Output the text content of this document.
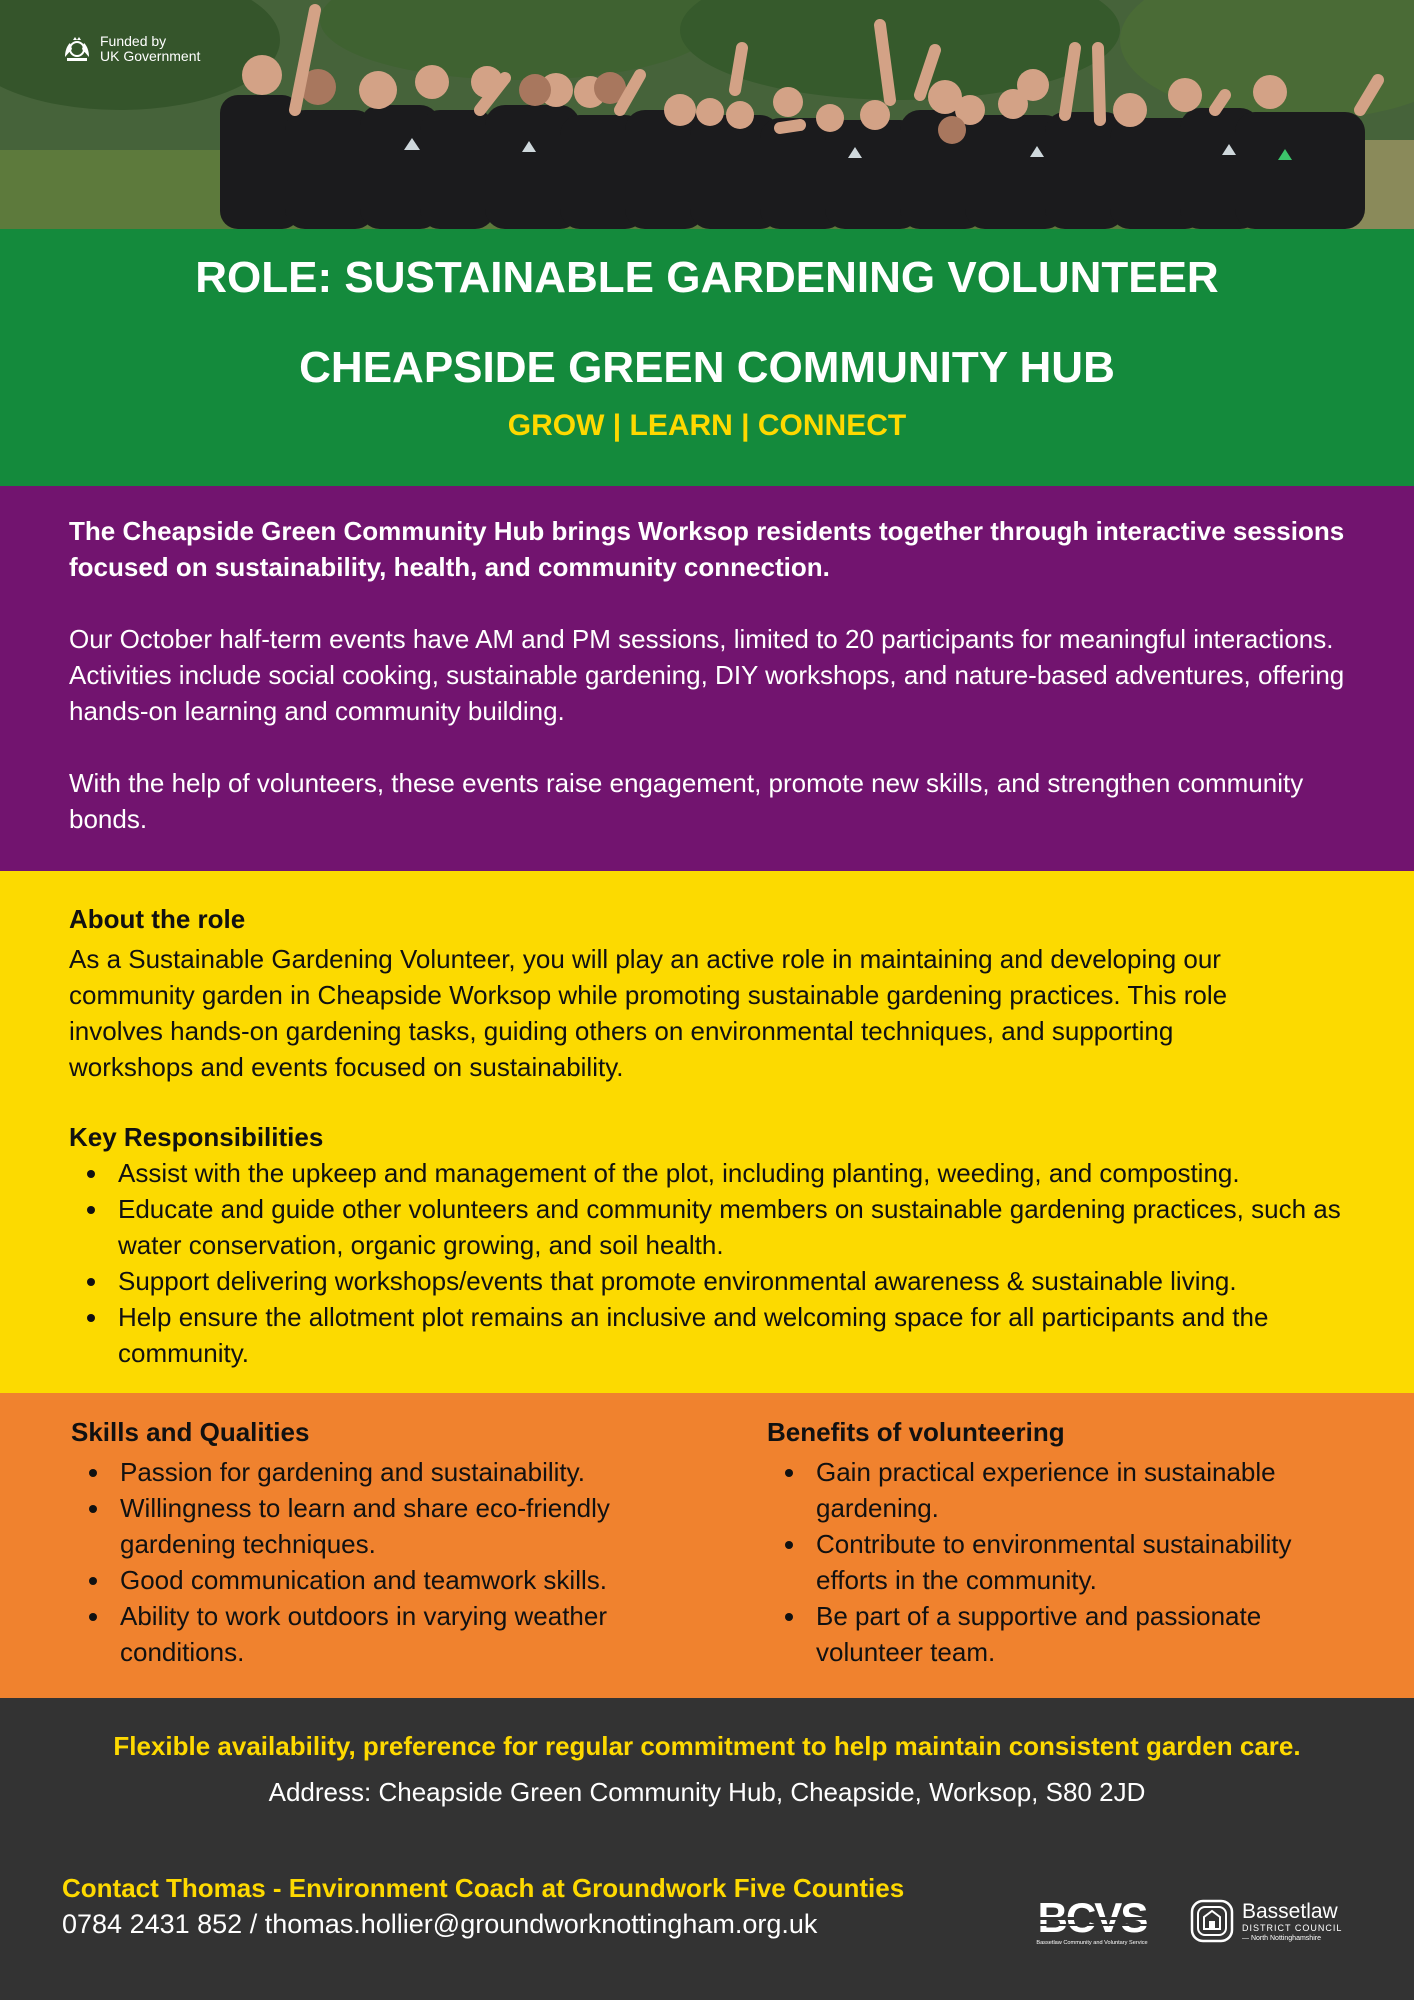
Funded by
UK Government
ROLE: SUSTAINABLE GARDENING VOLUNTEER
CHEAPSIDE GREEN COMMUNITY HUB
GROW | LEARN | CONNECT

The Cheapside Green Community Hub brings Worksop residents together through interactive sessions focused on sustainability, health, and community connection.

Our October half-term events have AM and PM sessions, limited to 20 participants for meaningful interactions. Activities include social cooking, sustainable gardening, DIY workshops, and nature-based adventures, offering hands-on learning and community building.

With the help of volunteers, these events raise engagement, promote new skills, and strengthen community bonds.

About the role

As a Sustainable Gardening Volunteer, you will play an active role in maintaining and developing our community garden in Cheapside Worksop while promoting sustainable gardening practices. This role involves hands-on gardening tasks, guiding others on environmental techniques, and supporting workshops and events focused on sustainability.

Key Responsibilities
Assist with the upkeep and management of the plot, including planting, weeding, and composting.
Educate and guide other volunteers and community members on sustainable gardening practices, such as water conservation, organic growing, and soil health.
Support delivering workshops/events that promote environmental awareness & sustainable living.
Help ensure the allotment plot remains an inclusive and welcoming space for all participants and the community.
Skills and Qualities
Passion for gardening and sustainability.
Willingness to learn and share eco-friendly gardening techniques.
Good communication and teamwork skills.
Ability to work outdoors in varying weather conditions.
Benefits of volunteering
Gain practical experience in sustainable gardening.
Contribute to environmental sustainability efforts in the community.
Be part of a supportive and passionate volunteer team.
Flexible availability, preference for regular commitment to help maintain consistent garden care.
Address: Cheapside Green Community Hub, Cheapside, Worksop, S80 2JD
Contact Thomas - Environment Coach at Groundwork Five Counties
0784 2431 852 / thomas.hollier@groundworknottingham.org.uk
Bassetlaw Community and Voluntary Service
Bassetlaw
DISTRICT COUNCIL
— North Nottinghamshire
